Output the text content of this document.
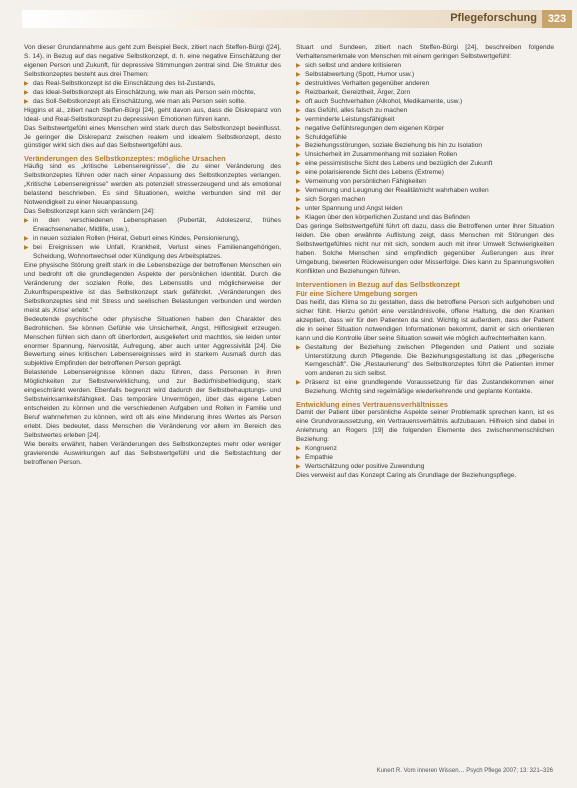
Pflegeforschung 323

Von dieser Grundannahme aus geht zum Beispiel Beck, zitiert nach Steffen-Bürgi ([24], S. 14), in Bezug auf das negative Selbstkonzept, d. h. eine negative Einschätzung der eigenen Person und Zukunft, für depressive Stimmungen zentral sind. Die Struktur des Selbstkonzeptes besteht aus drei Themen:

▶ das Real-Selbstkonzept ist die Einschätzung des Ist-Zustands,
▶ das Ideal-Selbstkonzept als Einschätzung, wie man als Person sein möchte,
▶ das Soll-Selbstkonzept als Einschätzung, wie man als Person sein sollte.

Higgins et al., zitiert nach Steffen-Bürgi [24], geht davon aus, dass die Diskrepanz von Ideal- und Real-Selbstkonzept zu depressiven Emotionen führen kann.

Das Selbstwertgefühl eines Menschen wird stark durch das Selbstkonzept beeinflusst. Je geringer die Diskrepanz zwischen realem und idealem Selbstkonzept, desto günstiger wirkt sich dies auf das Selbstwertgefühl aus.

Veränderungen des Selbstkonzeptes: mögliche Ursachen

Häufig sind es „kritische Lebensereignisse", die zu einer Veränderung des Selbstkonzeptes führen oder nach einer Anpassung des Selbstkonzeptes verlangen. „Kritische Lebensereignisse" werden als potenziell stresserzeugend und als emotional belastend beschrieben. Es sind Situationen, welche verbunden sind mit der Notwendigkeit zu einer Neuanpassung.

Das Selbstkonzept kann sich verändern [24]:

▶ in den verschiedenen Lebensphasen (Pubertät, Adoleszenz, frühes Erwachsenenalter, Midlife, usw.),
▶ in neuen sozialen Rollen (Heirat, Geburt eines Kindes, Pensionierung),
▶ bei Ereignissen wie Unfall, Krankheit, Verlust eines Familienangehörigen, Scheidung, Wohnortwechsel oder Kündigung des Arbeitsplatzes.

Eine physische Störung greift stark in die Lebensbezüge der betroffenen Menschen ein und bedroht oft die grundlegenden Aspekte der persönlichen Identität. Durch die Veränderung der sozialen Rolle, des Lebensstils und möglicherweise der Zukunftsperspektive ist das Selbstkonzept stark gefährdet. „Veränderungen des Selbstkonzeptes sind mit Stress und seelischen Belastungen verbunden und werden meist als ‚Krise' erlebt."

Bedeutende psychische oder physische Situationen haben den Charakter des Bedrohlichen. Sie können Gefühle wie Unsicherheit, Angst, Hilflosigkeit erzeugen. Menschen fühlen sich dann oft überfordert, ausgeliefert und machtlos, sie leiden unter enormer Spannung, Nervosität, Aufregung, aber auch unter Aggressivität [24]. Die Bewertung eines kritischen Lebensereignisses wird in starkem Ausmaß durch das subjektive Empfinden der betroffenen Person geprägt.

Belastende Lebensereignisse können dazu führen, dass Personen in ihren Möglichkeiten zur Selbstverwirklichung, und zur Bedürfnisbefriedigung, stark eingeschränkt werden. Ebenfalls begrenzt wird dadurch der Selbstbehauptungs- und Selbstwirksamkeitsfähigkeit. Das temporäre Unvermögen, über das eigene Leben entscheiden zu können und die verschiedenen Aufgaben und Rollen in Familie und Beruf wahrnehmen zu können, wird oft als eine Minderung ihres Wertes als Person erlebt. Dies bedeutet, dass Menschen die Veränderung vor allem im Bereich des Selbstwertes erleben [24].

Wie bereits erwähnt, haben Veränderungen des Selbstkonzeptes mehr oder weniger gravierende Auswirkungen auf das Selbstwertgefühl und die Selbstachtung der betroffenen Person.

Stuart und Sundeen, zitiert nach Steffen-Bürgi [24], beschreiben folgende Verhaltensmerkmale von Menschen mit einem geringen Selbstwertgefühl:

▶ sich selbst und andere kritisieren
▶ Selbstabwertung (Spott, Humor usw.)
▶ destruktives Verhalten gegenüber anderen
▶ Reizbarkeit, Gereiztheit, Ärger, Zorn
▶ oft auch Suchtverhalten (Alkohol, Medikamente, usw.)
▶ das Gefühl, alles falsch zu machen
▶ verminderte Leistungsfähigkeit
▶ negative Gefühlsregungen dem eigenen Körper
▶ Schuldgefühle
▶ Beziehungsstörungen, soziale Beziehung bis hin zu Isolation
▶ Unsicherheit im Zusammenhang mit sozialen Rollen
▶ eine pessimistische Sicht des Lebens und bezüglich der Zukunft
▶ eine polarisierende Sicht des Lebens (Extreme)
▶ Verneinung von persönlichen Fähigkeiten
▶ Verneinung und Leugnung der Realität/nicht wahrhaben wollen
▶ sich Sorgen machen
▶ unter Spannung und Angst leiden
▶ Klagen über den körperlichen Zustand und das Befinden

Das geringe Selbstwertgefühl führt oft dazu, dass die Betroffenen unter ihrer Situation leiden. Die oben erwähnte Auflistung zeigt, dass Menschen mit Störungen des Selbstwertgefühles nicht nur mit sich, sondern auch mit ihrer Umwelt Schwierigkeiten haben. Solche Menschen sind empfindlich gegenüber Äußerungen aus ihrer Umgebung, bewerten Rückweisungen oder Misserfolge. Dies kann zu Spannungsvollen Konflikten und Beziehungen führen.

Interventionen in Bezug auf das Selbstkonzept
Für eine Sichere Umgebung sorgen

Das heißt, das Klima so zu gestalten, dass die betroffene Person sich aufgehoben und sicher fühlt. Hierzu gehört eine verständnisvolle, offene Haltung, die den Kranken akzeptiert, dass wir für den Patienten da sind. Wichtig ist außerdem, dass der Patient die in seiner Situation notwendigen Informationen bekommt, damit er sich orientieren kann und die Kontrolle über seine Situation soweit wie möglich aufrechterhalten kann.

▶ Gestaltung der Beziehung zwischen Pflegenden und Patient und soziale Unterstützung durch Pflegende. Die Beziehungsgestaltung ist das „pflegerische Kerngeschäft". Die „Restaurierung" des Selbstkonzeptes führt die Patienten immer vom anderen zu sich selbst.
▶ Präsenz ist eine grundlegende Voraussetzung für das Zustandekommen einer Beziehung. Wichtig sind regelmäßige wiederkehrende und geplante Kontakte.
Entwicklung eines Vertrauensverhältnisses

Damit der Patient über persönliche Aspekte seiner Problematik sprechen kann, ist es eine Grundvoraussetzung, ein Vertrauensverhältnis aufzubauen. Hilfreich sind dabei in Anlehnung an Rogers [19] die folgenden Elemente des zwischenmenschlichen Beziehung:

▶ Kongruenz
▶ Empathie
▶ Wertschätzung oder positive Zuwendung

Dies verweist auf das Konzept Caring als Grundlage der Beziehungspflege.

Kunert R. Vom inneren Wissen… Psych Pflege 2007; 13: 321–326
